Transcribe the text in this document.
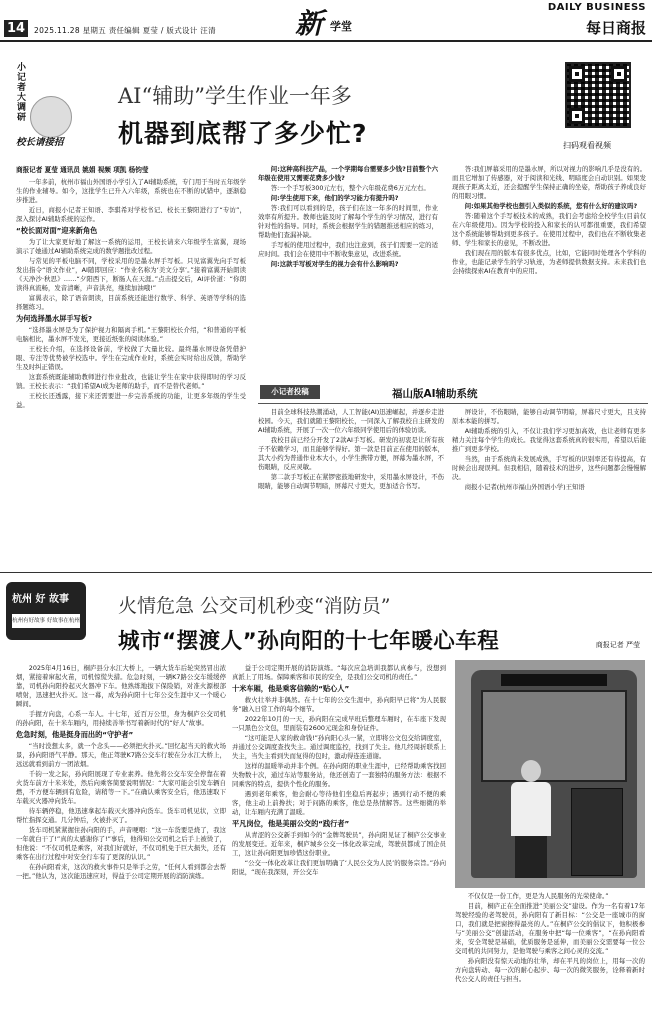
14	2025.11.28 星期五 责任编辑 夏莹 / 版式设计 汪清	新 学堂
DAILY BUSINESS
每日商报
小记者大调研
校长请接招
AI“辅助”学生作业一年多
机器到底帮了多少忙?	扫码观看视频
商报记者 夏莹 通讯员 姚娟 视频 项凯 杨钧莹
一年多前，杭州市福山外国语小学引入了AI辅助系统，专门用于当时五年级学生的作业辅导。如今，这批学生已升入六年级，系统也在不断的试错中，逐渐稳步推进。
近日，商报小记者王知语、李骐希对学校书记、校长王黎阳进行了“专访”，深入探讨AI辅助系统的运作。
“校长面对面”迎来新角色
为了让大家更好地了解这一系统的运用，王校长请来六年级学生富翼，现场演示了她通过AI辅助系统完成的数学题批改过程。
与常见的平板电脑不同，学校采用的是墨水屏手写板。只见富翼先向手写板发出指令“语文作业”，AI随即回应：“作业名称为‘美文分享’。”接着富翼开始朗读《天净沙·秋思》……“夕阳西下，断肠人在天涯。”点击提交后，AI评价道：“你朗读得真流畅，发音清晰，声音洪亮，继续加油哦!”
富翼表示，除了语音朗读，目前系统还能进行数学、科学、英语等学科的选择题练习。
为何选择墨水屏手写板?
“选择墨水屏是为了保护视力和隔离手机。”王黎阳校长介绍，“和普通的平板电脑相比，墨水屏不发光，更接近纸张的阅读体验。”
王校长介绍，在选择设备前，学校做了大量比较。最终墨水屏设备凭借护眼、专注等优势被学校选中。学生在完成作业时，系统会实时给出反馈，帮助学生及时纠正错误。
这套系统既能辅助教师进行作业批改，也能让学生在家中获得即时的学习反馈。王校长表示：“我们希望AI成为老师的助手，而不是替代老师。”
王校长还透露，接下来还需要进一步完善系统的功能，让更多年级的学生受益。
问:这种高科技产品，一个学期每台需要多少钱?目前整个六年级在使用又需要花费多少钱?
答:一个手写板300元左右，整个六年级花费6万元左右。
问:学生使用下来，他们的学习能力有提升吗?
答:我们可以看到的是，孩子们在这一年多的时间里，作业效率有所提升。教师也能及时了解每个学生的学习情况，进行有针对性的指导。同时，系统会根据学生的错题推送相应的练习，帮助他们查漏补缺。
手写板的使用过程中，我们也注意到，孩子们需要一定的适应时间。我们会在使用中不断收集意见，改进系统。
问:这款手写板对学生的视力会有什么影响吗?
答:我们屏幕采用的是墨水屏，所以对视力的影响几乎是没有的。而且它增加了传感器，对于阅读和光线、明暗度会自动识别。如果发现孩子距离太近，还会提醒学生保持正确的坐姿，帮助孩子养成良好的用眼习惯。
问:如果其他学校也想引入类似的系统，您有什么好的建议吗?
答:随着这个手写板技术的成熟，我们会考虑给全校学生(目前仅在六年级使用)。因为学校的投入和家长的认可都很重要，我们希望这个系统能够帮助到更多孩子。在使用过程中，我们也在不断收集老师、学生和家长的意见，不断改进。
我们现在用的版本有很多优点，比如，它能同时处理各个学科的作业，也能记录学生的学习轨迹，为老师提供数据支持。未来我们也会持续探索AI在教育中的应用。
小记者投稿	福山版AI辅助系统
目前全球科技热潮涌动，人工智能(AI)迅速崛起，并逐步走进校园。今天，我们就随王黎阳校长，一同深入了解我校自主研发的AI辅助系统，开展了一次一位六年级同学使用后的体验访谈。
我校目前已经分开发了2款AI手写板。研发的初衷是让所有孩子不依赖学习，而且能够学得好。第一款是目前正在使用的版本，其大小约为普通作业本大小，小学生携带方便，屏幕为墨水屏，不伤眼睛，反应灵敏。
第二款手写板正在紧锣密鼓地研发中，采用墨水屏设计，不伤眼睛，能够自动调节明暗，屏幕尺寸更大，更加适合书写。
屏设计，不伤眼睛，能够自动调节明暗，屏幕尺寸更大，且支持原本本能的拼写。
AI辅助系统的引入，不仅让我们学习更加高效，也让老师有更多精力关注每个学生的成长。我觉得这套系统真的很实用，希望以后能推广到更多学校。
当然，由于系统尚未发展成熟，手写板的识别率还有待提高，有时候会出现误判。但我相信，随着技术的进步，这些问题都会慢慢解决。
商报小记者(杭州市福山外国语小学)王知语
杭州 好 故事
杭州有好故事 好故事在杭州
火情危急 公交司机秒变“消防员”
城市“摆渡人”孙向阳的十七年暖心车程	商报记者 严莹
2025年4月16日，桐庐县分水江大桥上，一辆大货车后轮突然冒出浓烟，紧接着窜起火苗，司机惊慌失措。危急时刻，一辆K7路公交车缓缓停靠，司机孙向阳拎起灭火器冲下车。他熟练地拔下保险销，对准火源根部喷射，迅速把火扑灭。这一幕，成为孙向阳十七年公交生涯中又一个暖心瞬间。
手握方向盘，心系一车人。十七年，近百万公里，身为桐庐公交司机的孙向阳，在十米车厢内，用持续善举书写着新时代的“好人”故事。
危急时刻，他是挺身而出的“守护者”
“当时没想太多，就一个念头——必须把火扑灭。”回忆起当天的救火场景，孙向阳语气平静。那天，他正驾驶K7路公交车行驶在分水江大桥上，远远就看到前方一团浓烟。
千钧一发之际，孙向阳展现了专业素养。他先将公交车安全停靠在着火货车前方十米米处，然后向乘客简要说明情况：“大家可能会引发车辆自燃，不方便车辆到有危险，请稍等一下。”在确认乘客安全后，他迅速取下车载灭火器冲向货车。
待车辆停稳，他迅速拿起车载灭火器冲向货车。货车司机见状，立即帮忙指挥交通。几分钟后，火被扑灭了。
货车司机紧紧握住孙向阳的手，声音哽咽：“这一车货要是烧了，我这一年就白干了!”真的太感谢你了!”事后，他得知公交司机之后手上被烫了，但他说：“不仅司机是乘客，对我们好就好，不仅司机免于巨大损失，还有乘客在出行过程中对安全行车有了更深的认识。”
在孙向阳看来，这次的救火事件只是举手之劳，“任何人看到都会去帮一把。”他认为，这次能迅速应对，得益于公司定期开展的消防演练。
益于公司定期开展的消防演练。“每次应急培训我都认真参与，没想到真派上了用场。保障乘客和市民的安全，是我们公交司机的责任。”
十米车厢，他是乘客信赖的“贴心人”
救火壮举并非偶然。在十七年的公交生涯中，孙向阳早已将“为人民服务”融入日常工作的每个细节。
2022年10月的一天，孙向阳在完成早班后整理车厢时，在车座下发现一只黑色公文包，里面装有2600元现金和身份证件。
“这可能是人家的救命钱!”孙向阳心头一紧，立即将公文包交给调度室，并通过公交调度查找失主。通过调度监控，找到了失主。他几经周折联系上失主，当失主看到失而复得的包时，激动得连连道谢。
这样的温暖举动并非个例。在孙向阳的职业生涯中，已经帮助乘客找回失物数十次，通过车站等服务站，他还创造了一套独特的服务方法：根据不同乘客的特点，提供个性化的服务。
遇到老年乘客，他会耐心等待他们坐稳后再起步；遇到行动不便的乘客，他主动上前搀扶；对于问路的乘客，他总是热情解答。这些细微的举动，让车厢内充满了温暖。
平凡岗位，他是美丽公交的“践行者”
从青涩的公交新手到如今的“金牌驾驶员”，孙向阳见证了桐庐公交事业的发展变迁。近年来，桐庐城乡公交一体化改革完成，驾驶员都成了国企员工，这让孙向阳更加珍惜这份职业。
“公交一体化改革让我们更加明确了‘人民公交为人民’的服务宗旨。”孙向阳说，“现在我深刻，开公交车
不仅仅是一份工作，更是为人民服务的光荣使命。”
目前，桐庐正在全面推进“美丽公交”建设。作为一名有着17年驾驶经验的老驾驶员，孙向阳有了新目标：“公交是一座城市的窗口，我们就是把窗擦得最亮的人。”在桐庐公交的倡议下，他积极参与“美丽公交”创建活动，在服务中把“每一位乘客”，“在孙向阳看来，安全驾驶是基础，优质服务是延伸，而美丽公交需要每一位公交司机的共同努力，是他驾驶与乘客之间心灵的交流。”
孙向阳没有惊天动地的壮举，却在平凡的岗位上，用每一次的方向盘转动、每一次的耐心起步、每一次的微笑服务，诠释着新时代公交人的责任与担当。
